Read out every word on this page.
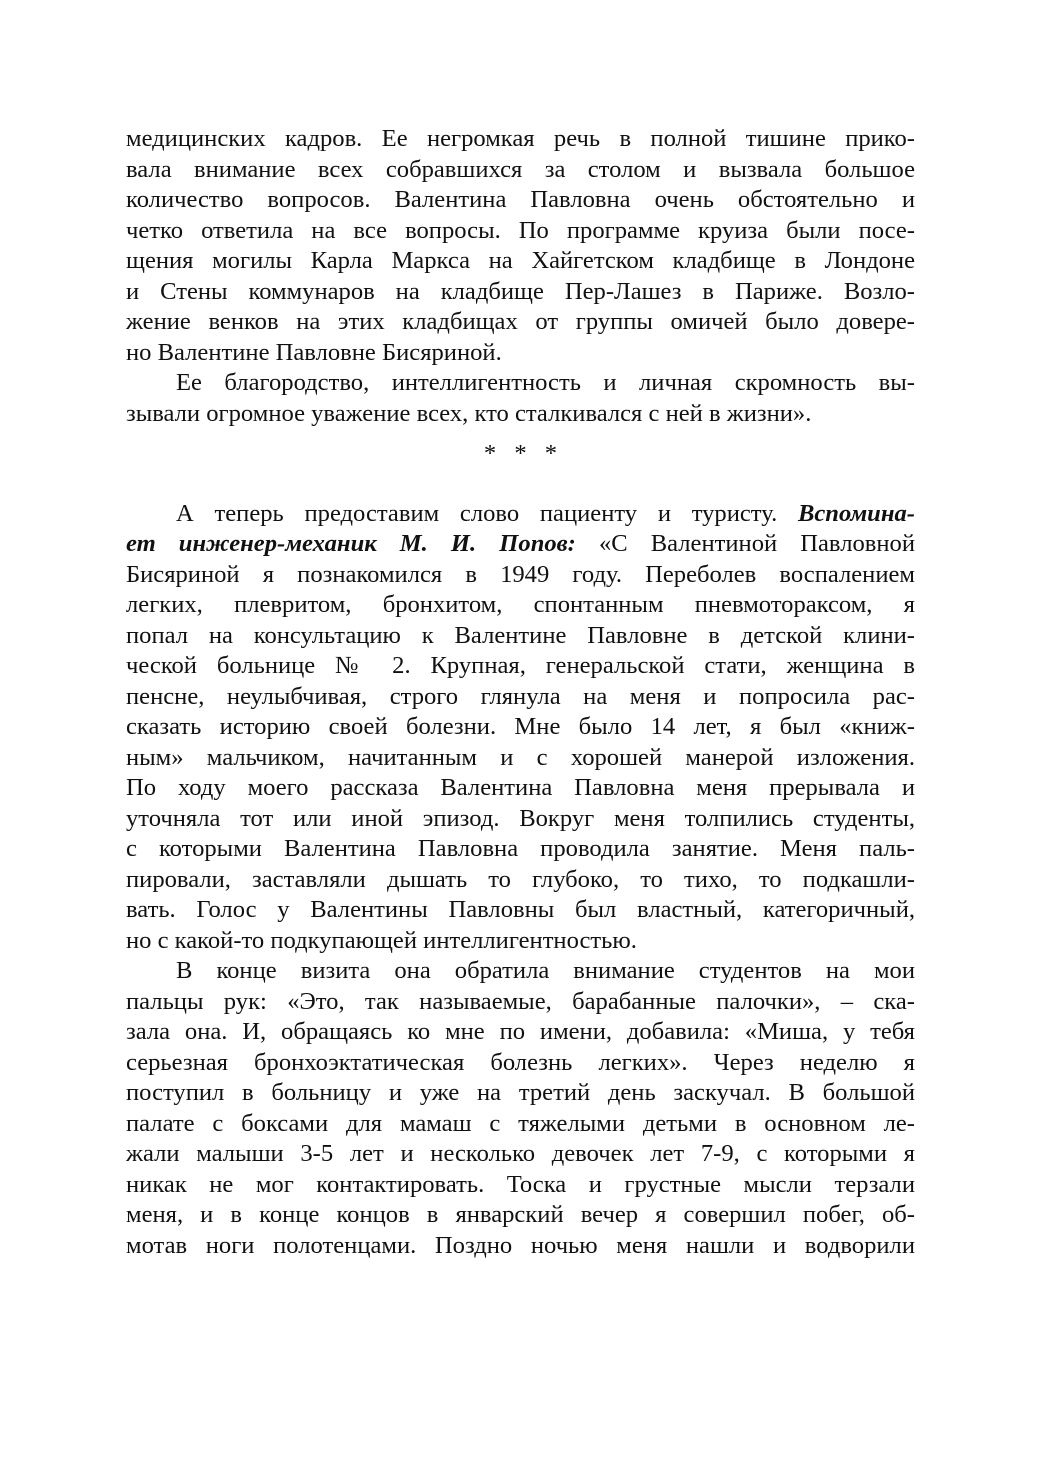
медицинских кадров. Ее негромкая речь в полной тишине прико-
вала внимание всех собравшихся за столом и вызвала большое
количество вопросов. Валентина Павловна очень обстоятельно и
четко ответила на все вопросы. По программе круиза были посе-
щения могилы Карла Маркса на Хайгетском кладбище в Лондоне
и Стены коммунаров на кладбище Пер-Лашез в Париже. Возло-
жение венков на этих кладбищах от группы омичей было довере-
но Валентине Павловне Бисяриной.
Ее благородство, интеллигентность и личная скромность вы-
зывали огромное уважение всех, кто сталкивался с ней в жизни».
* * *
А теперь предоставим слово пациенту и туристу. Вспомина-
ет инженер-механик М. И. Попов: «С Валентиной Павловной
Бисяриной я познакомился в 1949 году. Переболев воспалением
легких, плевритом, бронхитом, спонтанным пневмотораксом, я
попал на консультацию к Валентине Павловне в детской клини-
ческой больнице № 2. Крупная, генеральской стати, женщина в
пенсне, неулыбчивая, строго глянула на меня и попросила рас-
сказать историю своей болезни. Мне было 14 лет, я был «книж-
ным» мальчиком, начитанным и с хорошей манерой изложения.
По ходу моего рассказа Валентина Павловна меня прерывала и
уточняла тот или иной эпизод. Вокруг меня толпились студенты,
с которыми Валентина Павловна проводила занятие. Меня паль-
пировали, заставляли дышать то глубоко, то тихо, то подкашли-
вать. Голос у Валентины Павловны был властный, категоричный,
но с какой-то подкупающей интеллигентностью.
В конце визита она обратила внимание студентов на мои
пальцы рук: «Это, так называемые, барабанные палочки», – ска-
зала она. И, обращаясь ко мне по имени, добавила: «Миша, у тебя
серьезная бронхоэктатическая болезнь легких». Через неделю я
поступил в больницу и уже на третий день заскучал. В большой
палате с боксами для мамаш с тяжелыми детьми в основном ле-
жали малыши 3-5 лет и несколько девочек лет 7-9, с которыми я
никак не мог контактировать. Тоска и грустные мысли терзали
меня, и в конце концов в январский вечер я совершил побег, об-
мотав ноги полотенцами. Поздно ночью меня нашли и водворили
